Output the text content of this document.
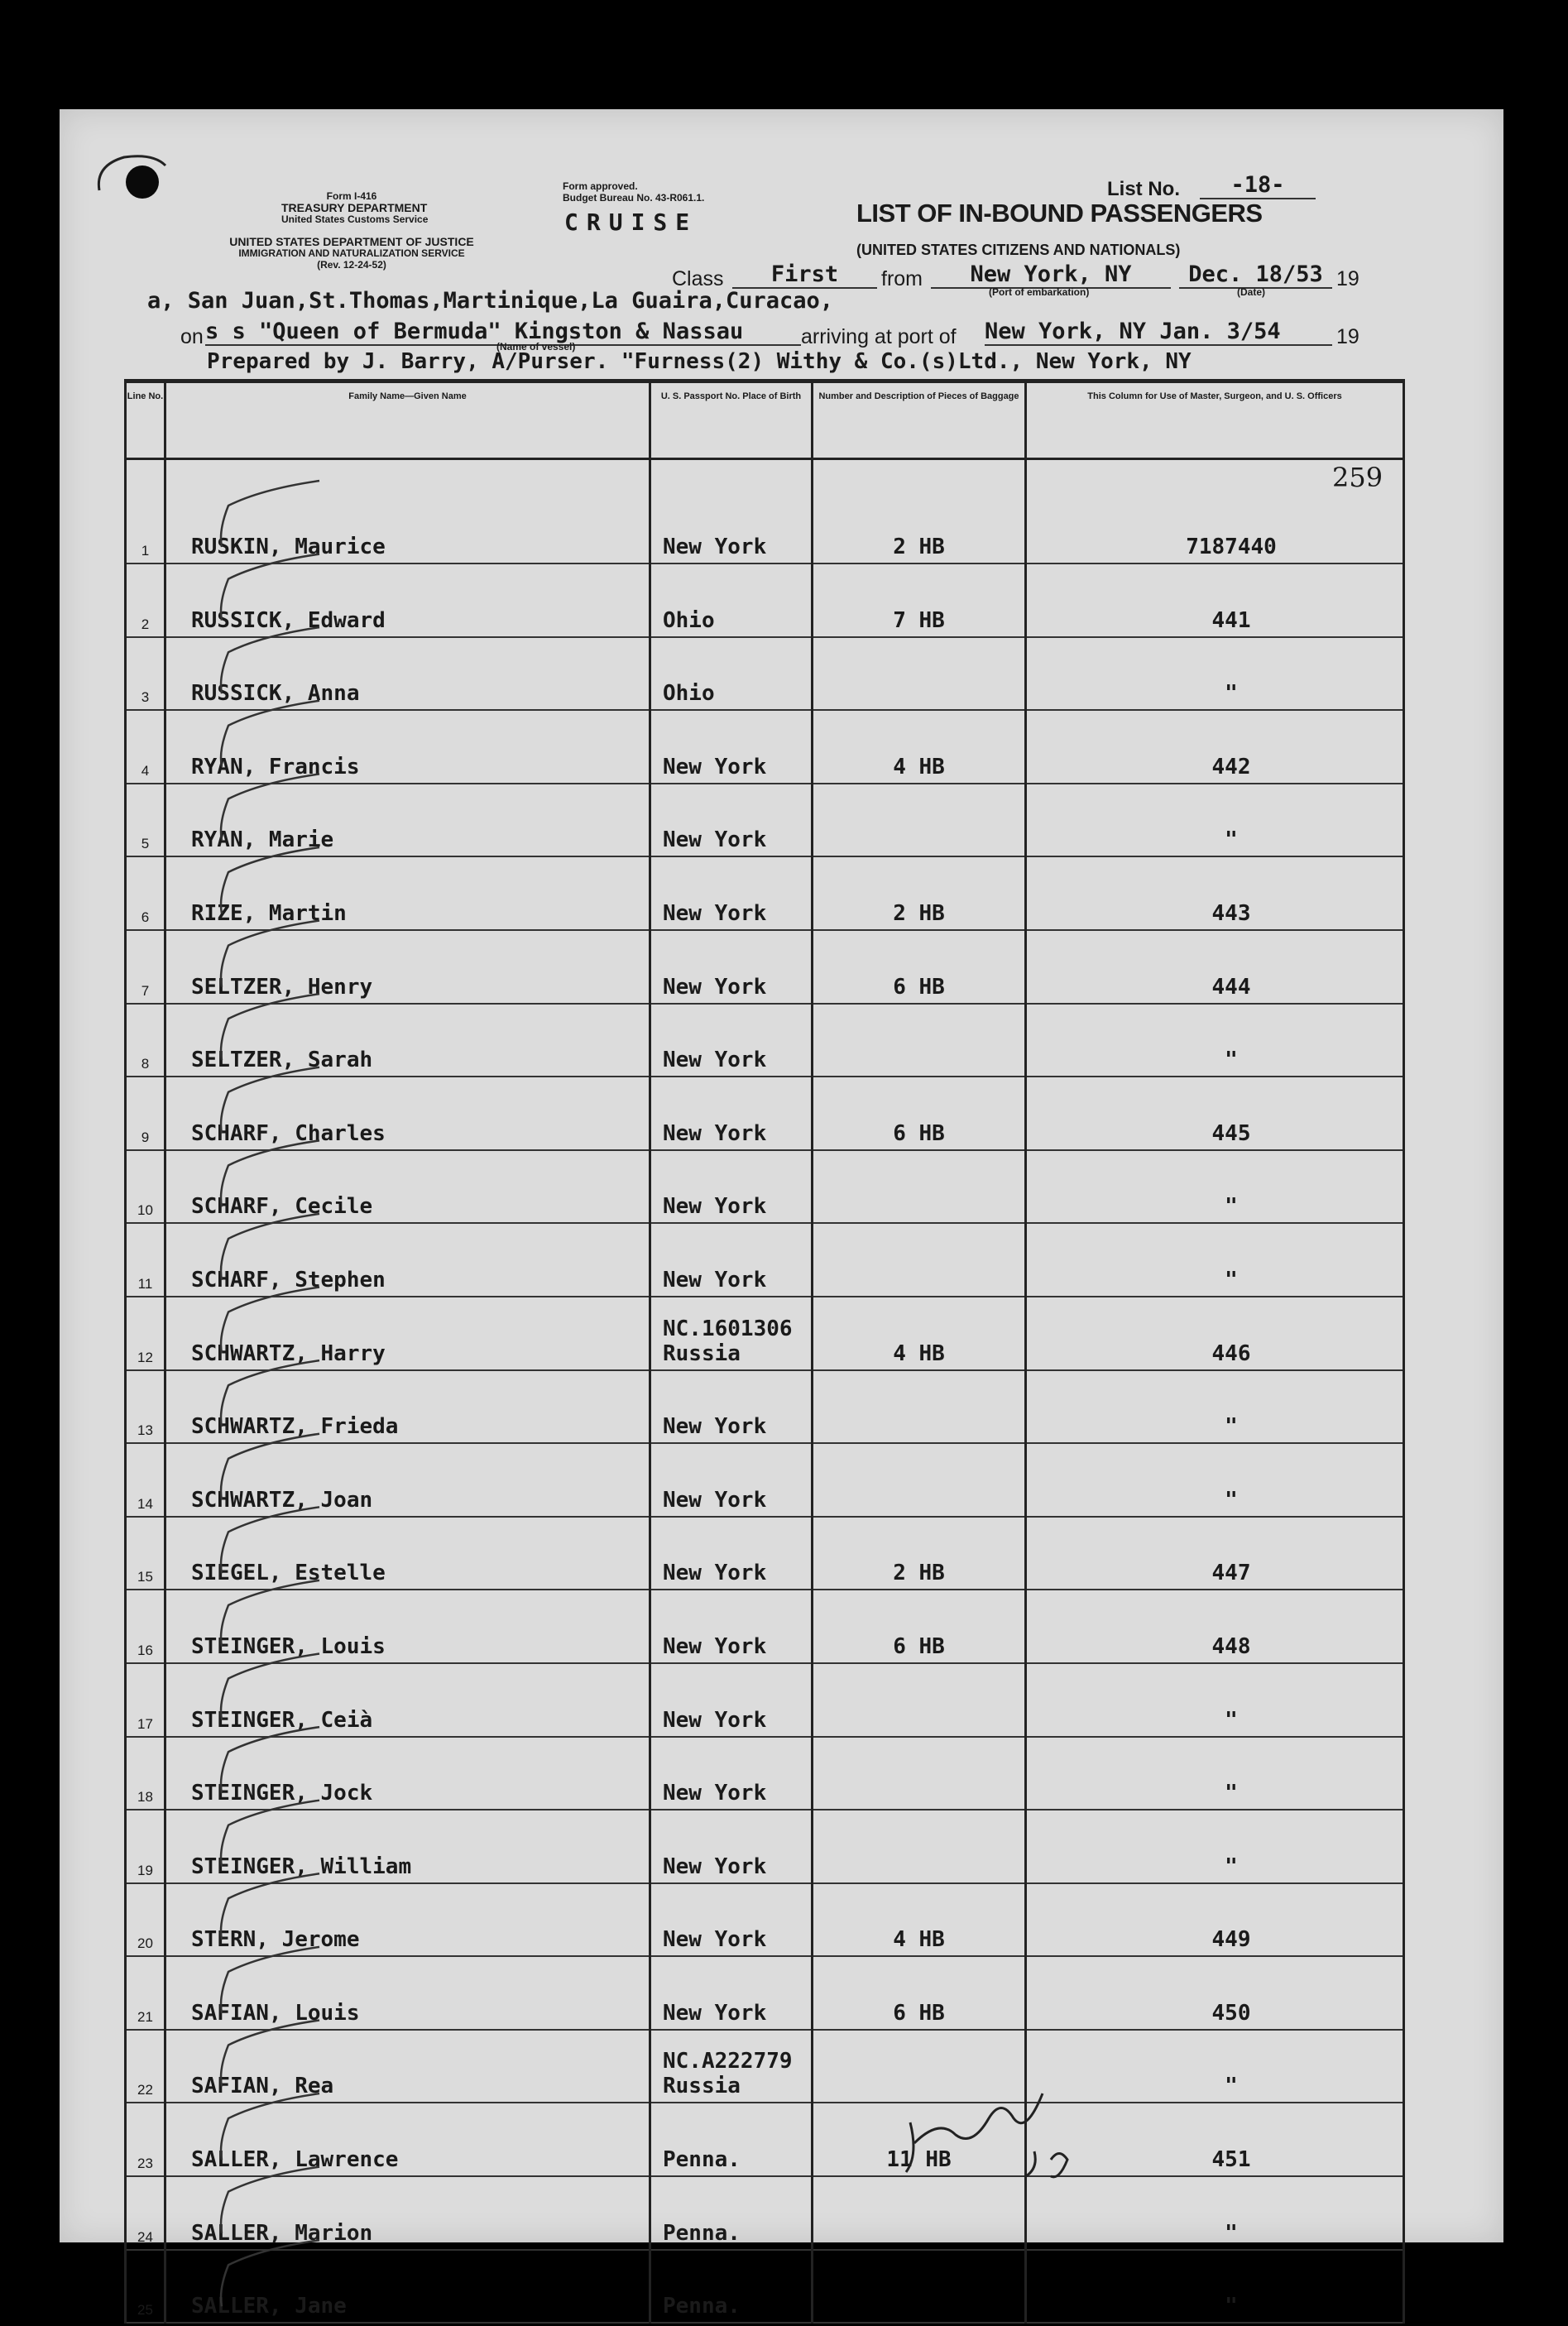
Form I-416
TREASURY DEPARTMENT
United States Customs Service
Form approved.
Budget Bureau No. 43-R061.1.
CRUISE
UNITED STATES DEPARTMENT OF JUSTICE
IMMIGRATION AND NATURALIZATION SERVICE
(Rev. 12-24-52)
List No.	-18-
LIST OF IN-BOUND PASSENGERS
(UNITED STATES CITIZENS AND NATIONALS)
Class	First	from	New York, NY
(Port of embarkation)
Dec. 18/53
(Date)
19
a, San Juan,St.Thomas,Martinique,La Guaira,Curacao,
on s s "Queen of Bermuda" Kingston & Nassau
(Name of vessel)	arriving at port of New York, NY Jan. 3/54	19
Prepared by J. Barry, A/Purser. "Furness(2) Withy & Co.(s)Ltd., New York, NY
259
Line No.	Family Name—Given Name	U. S. Passport No. Place of Birth	Number and Description of Pieces of Baggage	This Column for Use of Master, Surgeon, and U. S. Officers
1	RUSKIN, Maurice	New York	2 HB	7187440
2	RUSSICK, Edward	Ohio	7 HB	441
3	RUSSICK, Anna	Ohio		"
4	RYAN, Francis	New York	4 HB	442
5	RYAN, Marie	New York		"
6	RIZE, Martin	New York	2 HB	443
7	SELTZER, Henry	New York	6 HB	444
8	SELTZER, Sarah	New York		"
9	SCHARF, Charles	New York	6 HB	445
10	SCHARF, Cecile	New York		"
11	SCHARF, Stephen	New York		"
12	SCHWARTZ, Harry	NC.1601306
Russia	4 HB	446
13	SCHWARTZ, Frieda	New York		"
14	SCHWARTZ, Joan	New York		"
15	SIEGEL, Estelle	New York	2 HB	447
16	STEINGER, Louis	New York	6 HB	448
17	STEINGER, Ceià	New York		"
18	STEINGER, Jock	New York		"
19	STEINGER, William	New York		"
20	STERN, Jerome	New York	4 HB	449
21	SAFIAN, Louis	New York	6 HB	450
22	SAFIAN, Rea	NC.A222779
Russia		"
23	SALLER, Lawrence	Penna.	11 HB	451
24	SALLER, Marion	Penna.		"
25	SALLER, Jane	Penna.		"
